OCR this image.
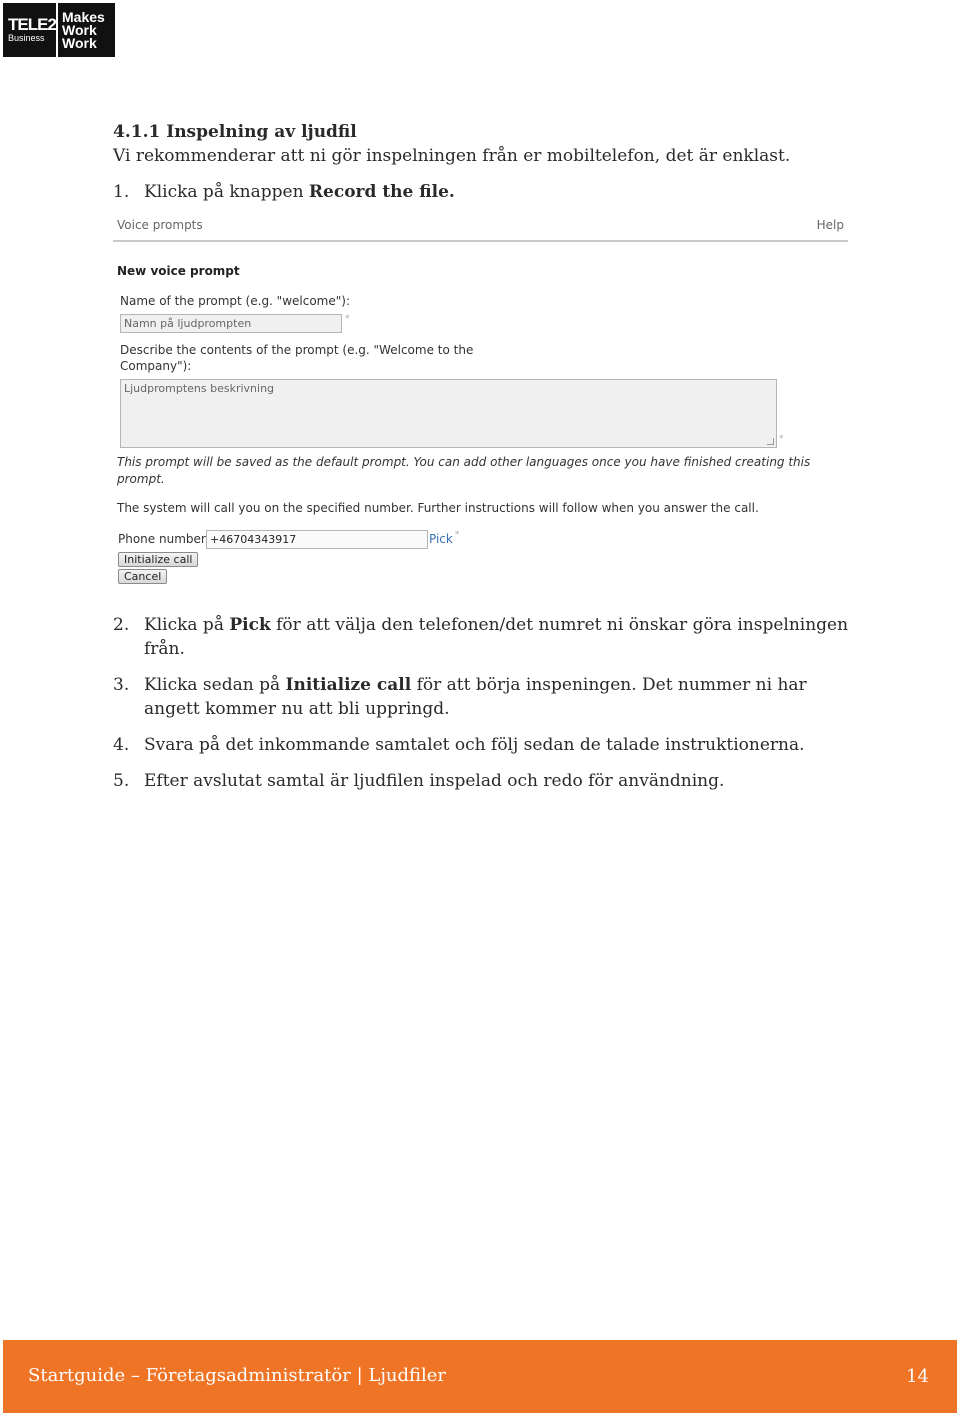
TELE2
Business
Makes
Work
Work
4.1.1 Inspelning av ljudfil
Vi rekommenderar att ni gör inspelningen från er mobiltelefon, det är enklast.
1. Klicka på knappen Record the file.
Voice prompts	Help
New voice prompt
Name of the prompt (e.g. "welcome"):
Namn på ljudprompten	*
Describe the contents of the prompt (e.g. "Welcome to the
Company"):
Ljudpromptens beskrivning
*
This prompt will be saved as the default prompt. You can add other languages once you have finished creating this prompt.
The system will call you on the specified number. Further instructions will follow when you answer the call.
Phone number +46704343917	Pick *
Initialize call
Cancel
2. Klicka på Pick för att välja den telefonen/det numret ni önskar göra inspelningen från.
3. Klicka sedan på Initialize call för att börja inspeningen. Det nummer ni har angett kommer nu att bli uppringd.
4. Svara på det inkommande samtalet och följ sedan de talade instruktionerna.
5. Efter avslutat samtal är ljudfilen inspelad och redo för användning.
Startguide – Företagsadministratör | Ljudfiler	14
